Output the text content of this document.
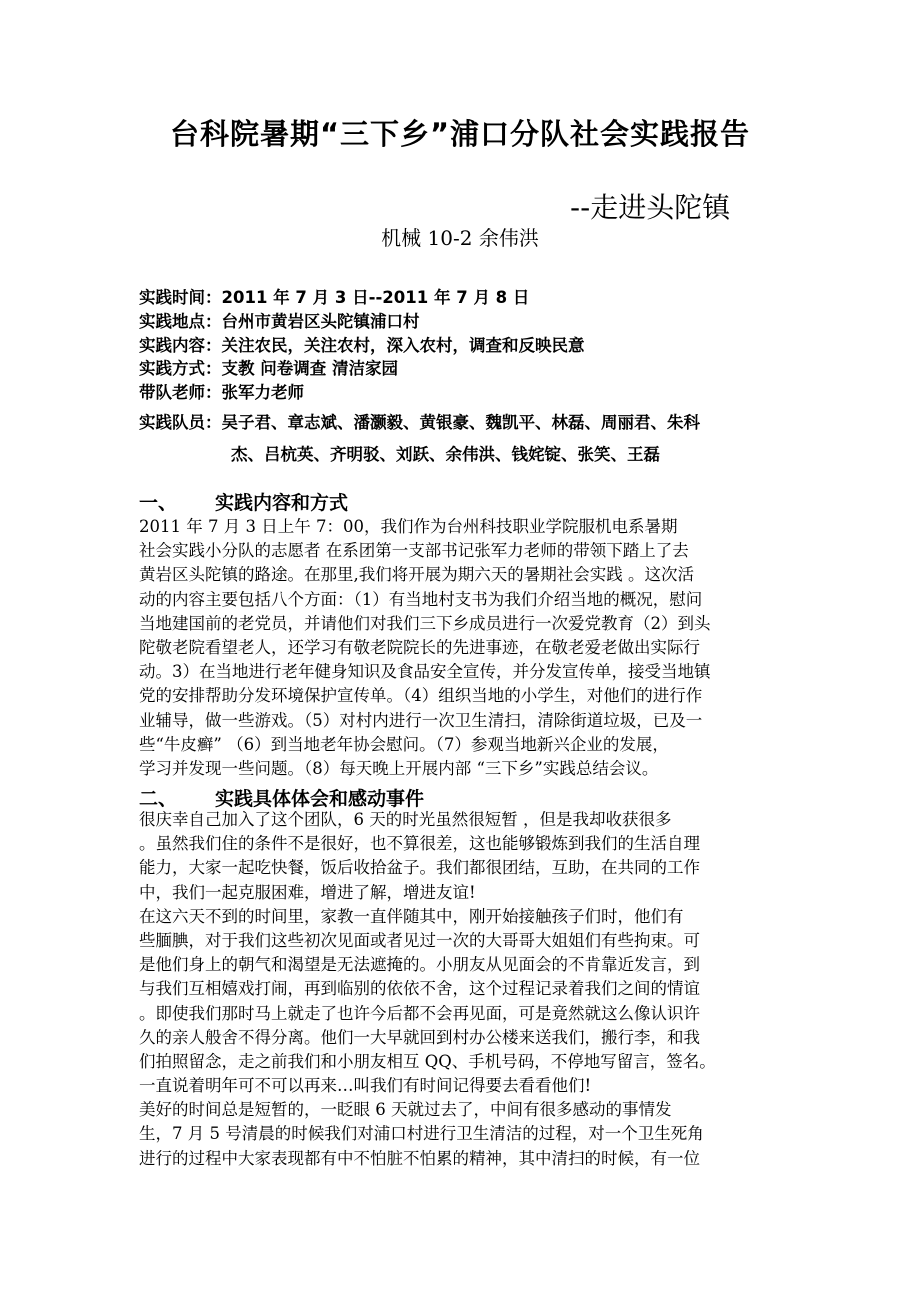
台科院暑期“三下乡”浦口分队社会实践报告
--走进头陀镇
机械 10-2 余伟洪
实践时间： 2011 年 7 月 3 日--2011 年 7 月 8 日
实践地点： 台州市黄岩区头陀镇浦口村
实践内容： 关注农民，关注农村，深入农村，调查和反映民意
实践方式： 支教 问卷调查 清洁家园
带队老师： 张军力老师
实践队员： 吴子君、章志斌、潘灏毅、黄银豪、魏凯平、林磊、周丽君、朱科
杰、吕杭英、齐明驳、刘跃、余伟洪、钱姹锭、张笑、王磊
一、 实践内容和方式
2011 年 7 月 3 日上午 7：00，我们作为台州科技职业学院服机电系暑期
社会实践小分队的志愿者 在系团第一支部书记张军力老师的带领下踏上了去
黄岩区头陀镇的路途。在那里,我们将开展为期六天的暑期社会实践 。这次活
动的内容主要包括八个方面：（1）有当地村支书为我们介绍当地的概况，慰问
当地建国前的老党员，并请他们对我们三下乡成员进行一次爱党教育（2）到头
陀敬老院看望老人，还学习有敬老院院长的先进事迹，在敬老爱老做出实际行
动。3）在当地进行老年健身知识及食品安全宣传，并分发宣传单，接受当地镇
党的安排帮助分发环境保护宣传单。（4）组织当地的小学生，对他们的进行作
业辅导，做一些游戏。（5）对村内进行一次卫生清扫，清除街道垃圾，已及一
些“牛皮癣” （6）到当地老年协会慰问。（7）参观当地新兴企业的发展，
学习并发现一些问题。（8）每天晚上开展内部 “三下乡”实践总结会议。
二、 实践具体体会和感动事件
很庆幸自己加入了这个团队，6 天的时光虽然很短暂 ，但是我却收获很多
。虽然我们住的条件不是很好，也不算很差，这也能够锻炼到我们的生活自理
能力，大家一起吃快餐，饭后收拾盆子。我们都很团结，互助，在共同的工作
中，我们一起克服困难，增进了解，增进友谊!
在这六天不到的时间里，家教一直伴随其中，刚开始接触孩子们时，他们有
些腼腆，对于我们这些初次见面或者见过一次的大哥哥大姐姐们有些拘束。可
是他们身上的朝气和渴望是无法遮掩的。小朋友从见面会的不肯靠近发言，到
与我们互相嬉戏打闹，再到临别的依依不舍，这个过程记录着我们之间的情谊
。即使我们那时马上就走了也许今后都不会再见面，可是竟然就这么像认识许
久的亲人般舍不得分离。他们一大早就回到村办公楼来送我们，搬行李，和我
们拍照留念，走之前我们和小朋友相互 QQ、手机号码，不停地写留言，签名。
一直说着明年可不可以再来…叫我们有时间记得要去看看他们!
美好的时间总是短暂的，一眨眼 6 天就过去了，中间有很多感动的事情发
生，7 月 5 号清晨的时候我们对浦口村进行卫生清洁的过程，对一个卫生死角
进行的过程中大家表现都有中不怕脏不怕累的精神，其中清扫的时候，有一位
